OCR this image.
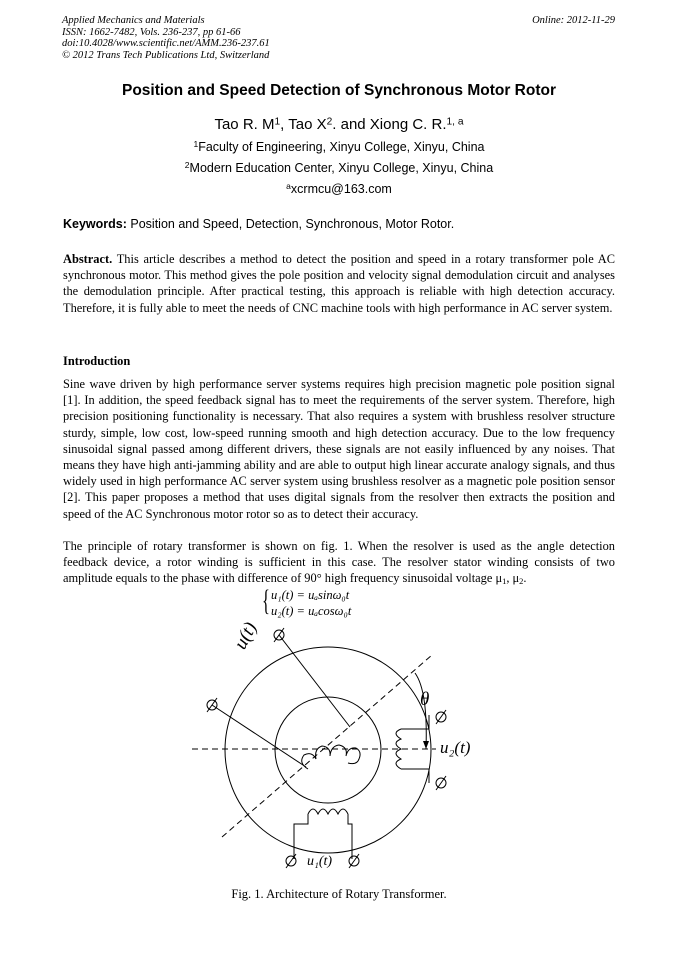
Applied Mechanics and Materials
ISSN: 1662-7482, Vols. 236-237, pp 61-66
doi:10.4028/www.scientific.net/AMM.236-237.61
© 2012 Trans Tech Publications Ltd, Switzerland
Online: 2012-11-29
Position and Speed Detection of Synchronous Motor Rotor
Tao R. $M^1$, Tao $X^2$. and Xiong C. R.$^{1, a}$
$^1$Faculty of Engineering, Xinyu College, Xinyu, China
$^2$Modern Education Center, Xinyu College, Xinyu, China
$^a$xcrmcu@163.com
Keywords: Position and Speed, Detection, Synchronous, Motor Rotor.
Abstract. This article describes a method to detect the position and speed in a rotary transformer pole AC synchronous motor. This method gives the pole position and velocity signal demodulation circuit and analyses the demodulation principle. After practical testing, this approach is reliable with high detection accuracy. Therefore, it is fully able to meet the needs of CNC machine tools with high performance in AC server system.
Introduction
Sine wave driven by high performance server systems requires high precision magnetic pole position signal [1]. In addition, the speed feedback signal has to meet the requirements of the server system. Therefore, high precision positioning functionality is necessary. That also requires a system with brushless resolver structure sturdy, simple, low cost, low-speed running smooth and high detection accuracy. Due to the low frequency sinusoidal signal passed among different drivers, these signals are not easily influenced by any noises. That means they have high anti-jamming ability and are able to output high linear accurate analogy signals, and thus widely used in high performance AC server system using brushless resolver as a magnetic pole position sensor [2]. This paper proposes a method that uses digital signals from the resolver then extracts the position and speed of the AC Synchronous motor rotor so as to detect their accuracy.
The principle of rotary transformer is shown on fig. 1. When the resolver is used as the angle detection feedback device, a rotor winding is sufficient in this case. The resolver stator winding consists of two amplitude equals to the phase with difference of 90° high frequency sinusoidal voltage $\mu_1$, $\mu_2$.
{ u₁(t) = uₐsinω₀t
u₂(t) = uₐcosω₀t
u(t)
θ
u₂(t)
u₁(t)
Fig. 1. Architecture of Rotary Transformer.
